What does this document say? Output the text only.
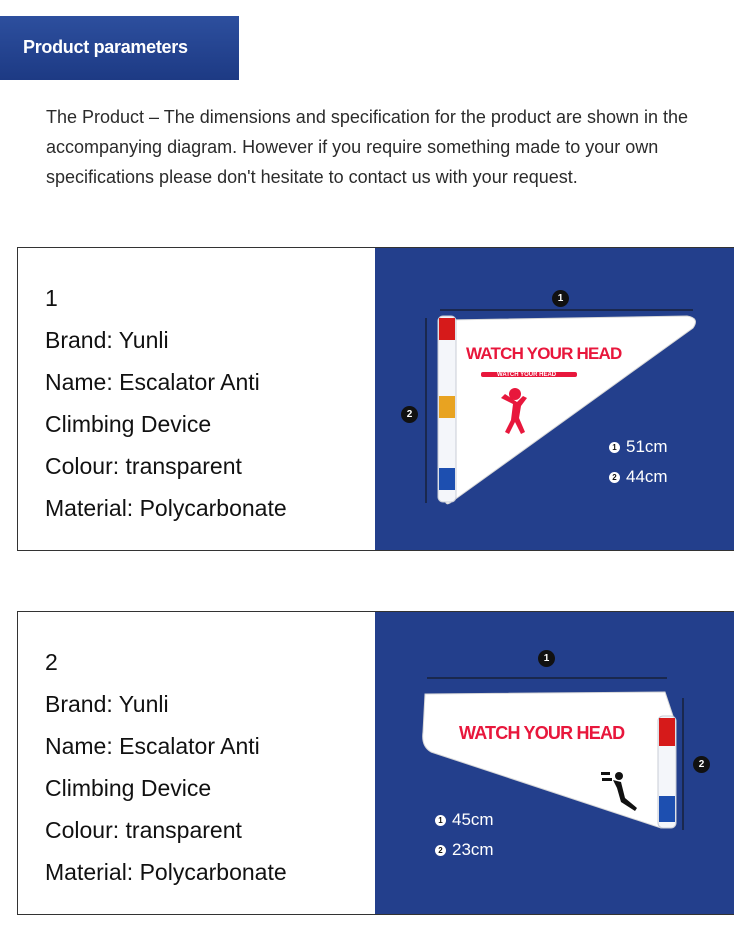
Product parameters

The Product – The dimensions and specification for the product are shown in the accompanying diagram. However if you require something made to your own specifications please don't hesitate to contact us with your request.

1
Brand: Yunli
Name: Escalator Anti
Climbing Device
Colour: transparent
Material: Polycarbonate
WATCH YOUR HEAD
WATCH YOUR HEAD
1
2
1 51cm
2 44cm
2
Brand: Yunli
Name: Escalator Anti
Climbing Device
Colour: transparent
Material: Polycarbonate
WATCH YOUR HEAD
1
2
1 45cm
2 23cm
